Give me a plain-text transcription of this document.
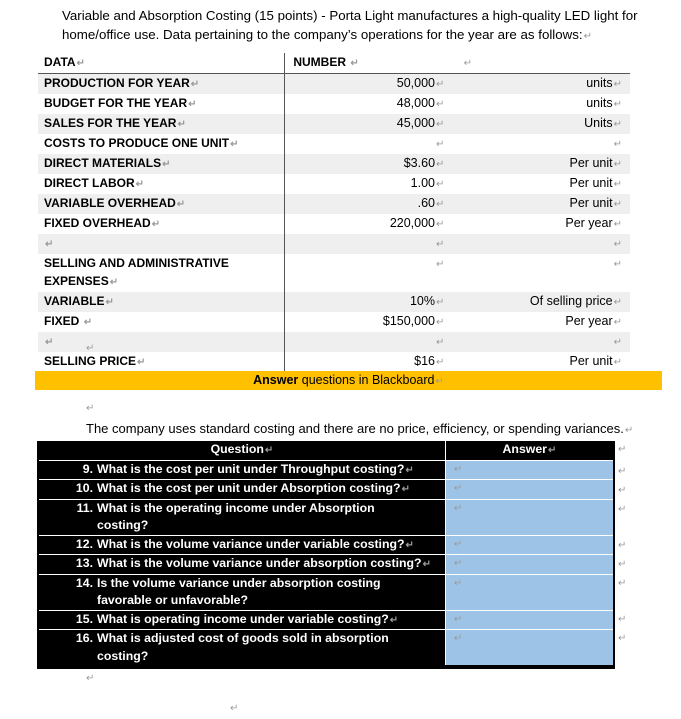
Variable and Absorption Costing (15 points) - Porta Light manufactures a high-quality LED light for
home/office use. Data pertaining to the company’s operations for the year are as follows:↵
DATA↵	NUMBER ↵	↵
PRODUCTION FOR YEAR↵	50,000↵	units↵
BUDGET FOR THE YEAR↵	48,000↵	units↵
SALES FOR THE YEAR↵	45,000↵	Units↵
COSTS TO PRODUCE ONE UNIT↵	↵	↵
DIRECT MATERIALS↵	$3.60↵	Per unit↵
DIRECT LABOR↵	1.00↵	Per unit↵
VARIABLE OVERHEAD↵	.60↵	Per unit↵
FIXED OVERHEAD↵	220,000↵	Per year↵
↵	↵	↵
SELLING AND ADMINISTRATIVE EXPENSES↵	↵	↵
VARIABLE↵	10%↵	Of selling price↵
FIXED ↵	$150,000↵	Per year↵
↵	↵	↵
SELLING PRICE↵	$16↵	Per unit↵
↵
Answer questions in Blackboard↵
↵
The company uses standard costing and there are no price, efficiency, or spending variances.↵
Question↵	Answer↵
9. What is the cost per unit under Throughput costing?↵	↵
10. What is the cost per unit under Absorption costing?↵	↵
11. What is the operating income under Absorption
costing?	↵
12. What is the volume variance under variable costing?↵	↵
13. What is the volume variance under absorption costing?↵	↵
14. Is the volume variance under absorption costing
favorable or unfavorable?	↵
15. What is operating income under variable costing?↵	↵
16. What is adjusted cost of goods sold in absorption
costing?	↵
↵
↵
↵
↵
↵
↵
↵
↵
↵
↵
↵
